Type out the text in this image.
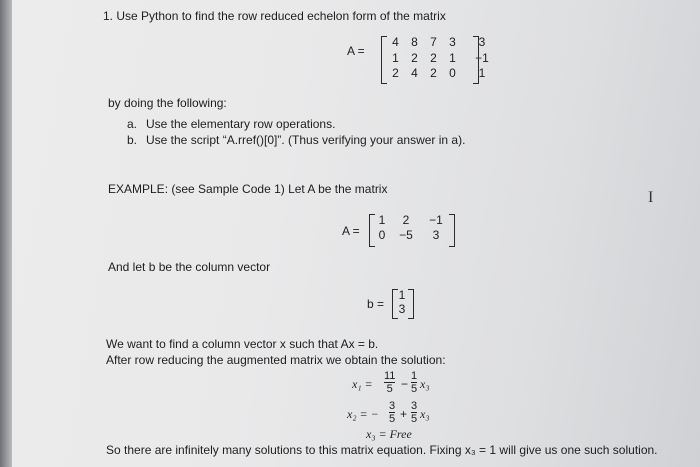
1. Use Python to find the row reduced echelon form of the matrix
A =
4	8	7	3	3
1	2	2	1	−1
2	4	2	0	1
by doing the following:
a. Use the elementary row operations.
b. Use the script “A.rref()[0]”. (Thus verifying your answer in a).
EXAMPLE: (see Sample Code 1) Let A be the matrix
A =
1	2	−1
0	−5	3
And let b be the column vector
b =
1
3
We want to find a column vector x such that Ax = b.
After row reducing the augmented matrix we obtain the solution:
x₁ =
11
5 −
1
5 x₃
x₂ = −
3
5 +
3
5 x₃
x₃ = Free
So there are infinitely many solutions to this matrix equation. Fixing x₃ = 1 will give us one such solution.
I
